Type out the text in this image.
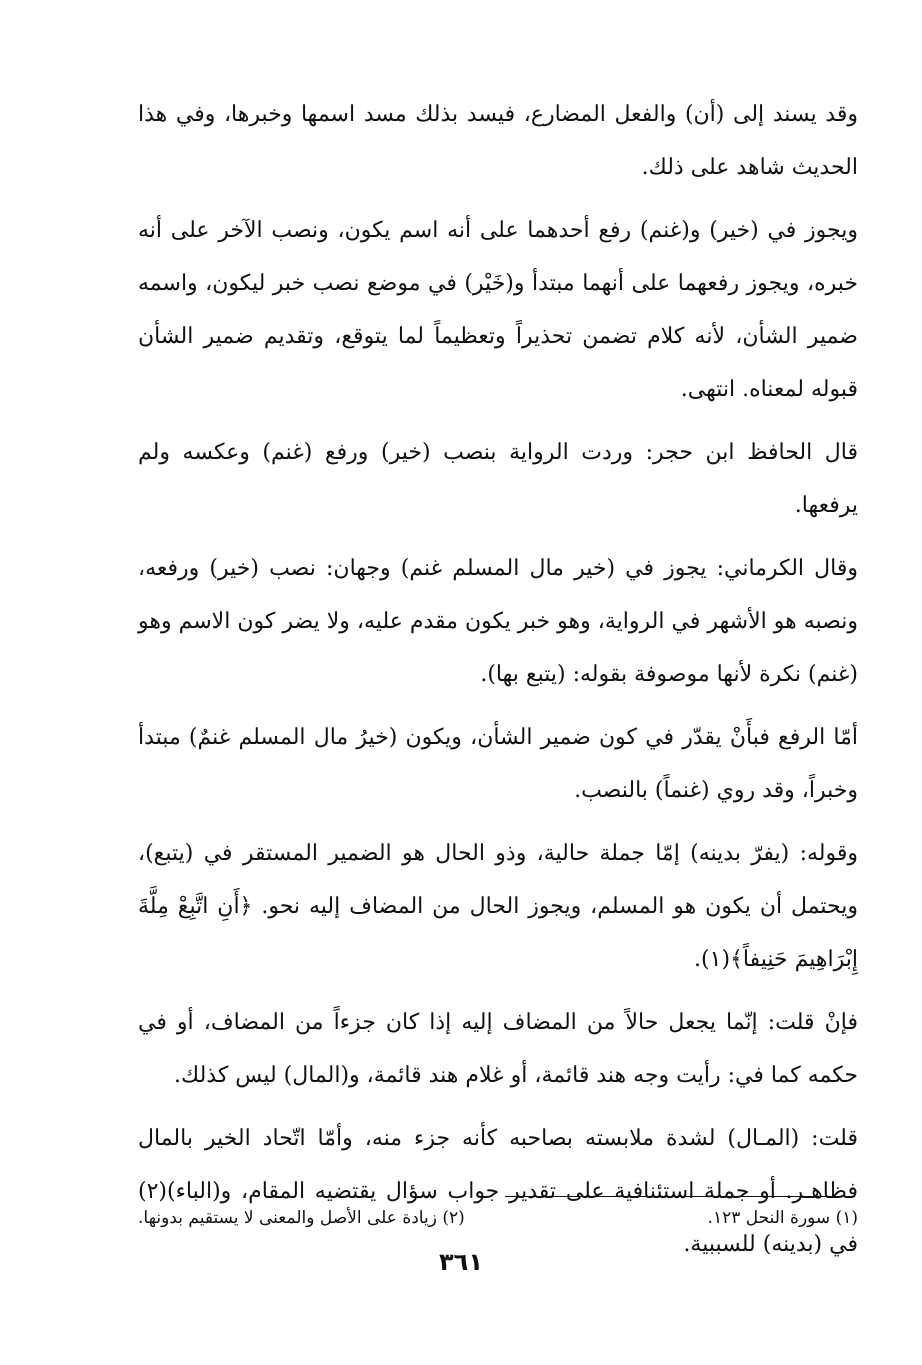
وقد يسند إلى (أن) والفعل المضارع، فيسد بذلك مسد اسمها وخبرها، وفي هذا الحديث شاهد على ذلك.

ويجوز في (خير) و(غنم) رفع أحدهما على أنه اسم يكون، ونصب الآخر على أنه خبره، ويجوز رفعهما على أنهما مبتدأ و(خَيْر) في موضع نصب خبر ليكون، واسمه ضمير الشأن، لأنه كلام تضمن تحذيراً وتعظيماً لما يتوقع، وتقديم ضمير الشأن قبوله لمعناه. انتهى.

قال الحافظ ابن حجر: وردت الرواية بنصب (خير) ورفع (غنم) وعكسه ولم يرفعها.

وقال الكرماني: يجوز في (خير مال المسلم غنم) وجهان: نصب (خير) ورفعه، ونصبه هو الأشهر في الرواية، وهو خبر يكون مقدم عليه، ولا يضر كون الاسم وهو (غنم) نكرة لأنها موصوفة بقوله: (يتبع بها).

أمّا الرفع فبأَنْ يقدّر في كون ضمير الشأن، ويكون (خيرُ مال المسلم غنمٌ) مبتدأ وخبراً، وقد روي (غنماً) بالنصب.

وقوله: (يفرّ بدينه) إمّا جملة حالية، وذو الحال هو الضمير المستقر في (يتبع)، ويحتمل أن يكون هو المسلم، ويجوز الحال من المضاف إليه نحو. ﴿أَنِ اتَّبِعْ مِلَّةَ إِبْرَاهِيمَ حَنِيفاً﴾(١).

فإنْ قلت: إنّما يجعل حالاً من المضاف إليه إذا كان جزءاً من المضاف، أو في حكمه كما في: رأيت وجه هند قائمة، أو غلام هند قائمة، و(المال) ليس كذلك.

قلت: (المـال) لشدة ملابسته بصاحبه كأنه جزء منه، وأمّا اتّحاد الخير بالمال فظاهـر. أو جملة استئنافية على تقدير جواب سؤال يقتضيه المقام، و(الباء)(٢) في (بدينه) للسببية.

(١) سورة النحل ١٢٣.
(٢) زيادة على الأصل والمعنى لا يستقيم بدونها.
٣٦١
